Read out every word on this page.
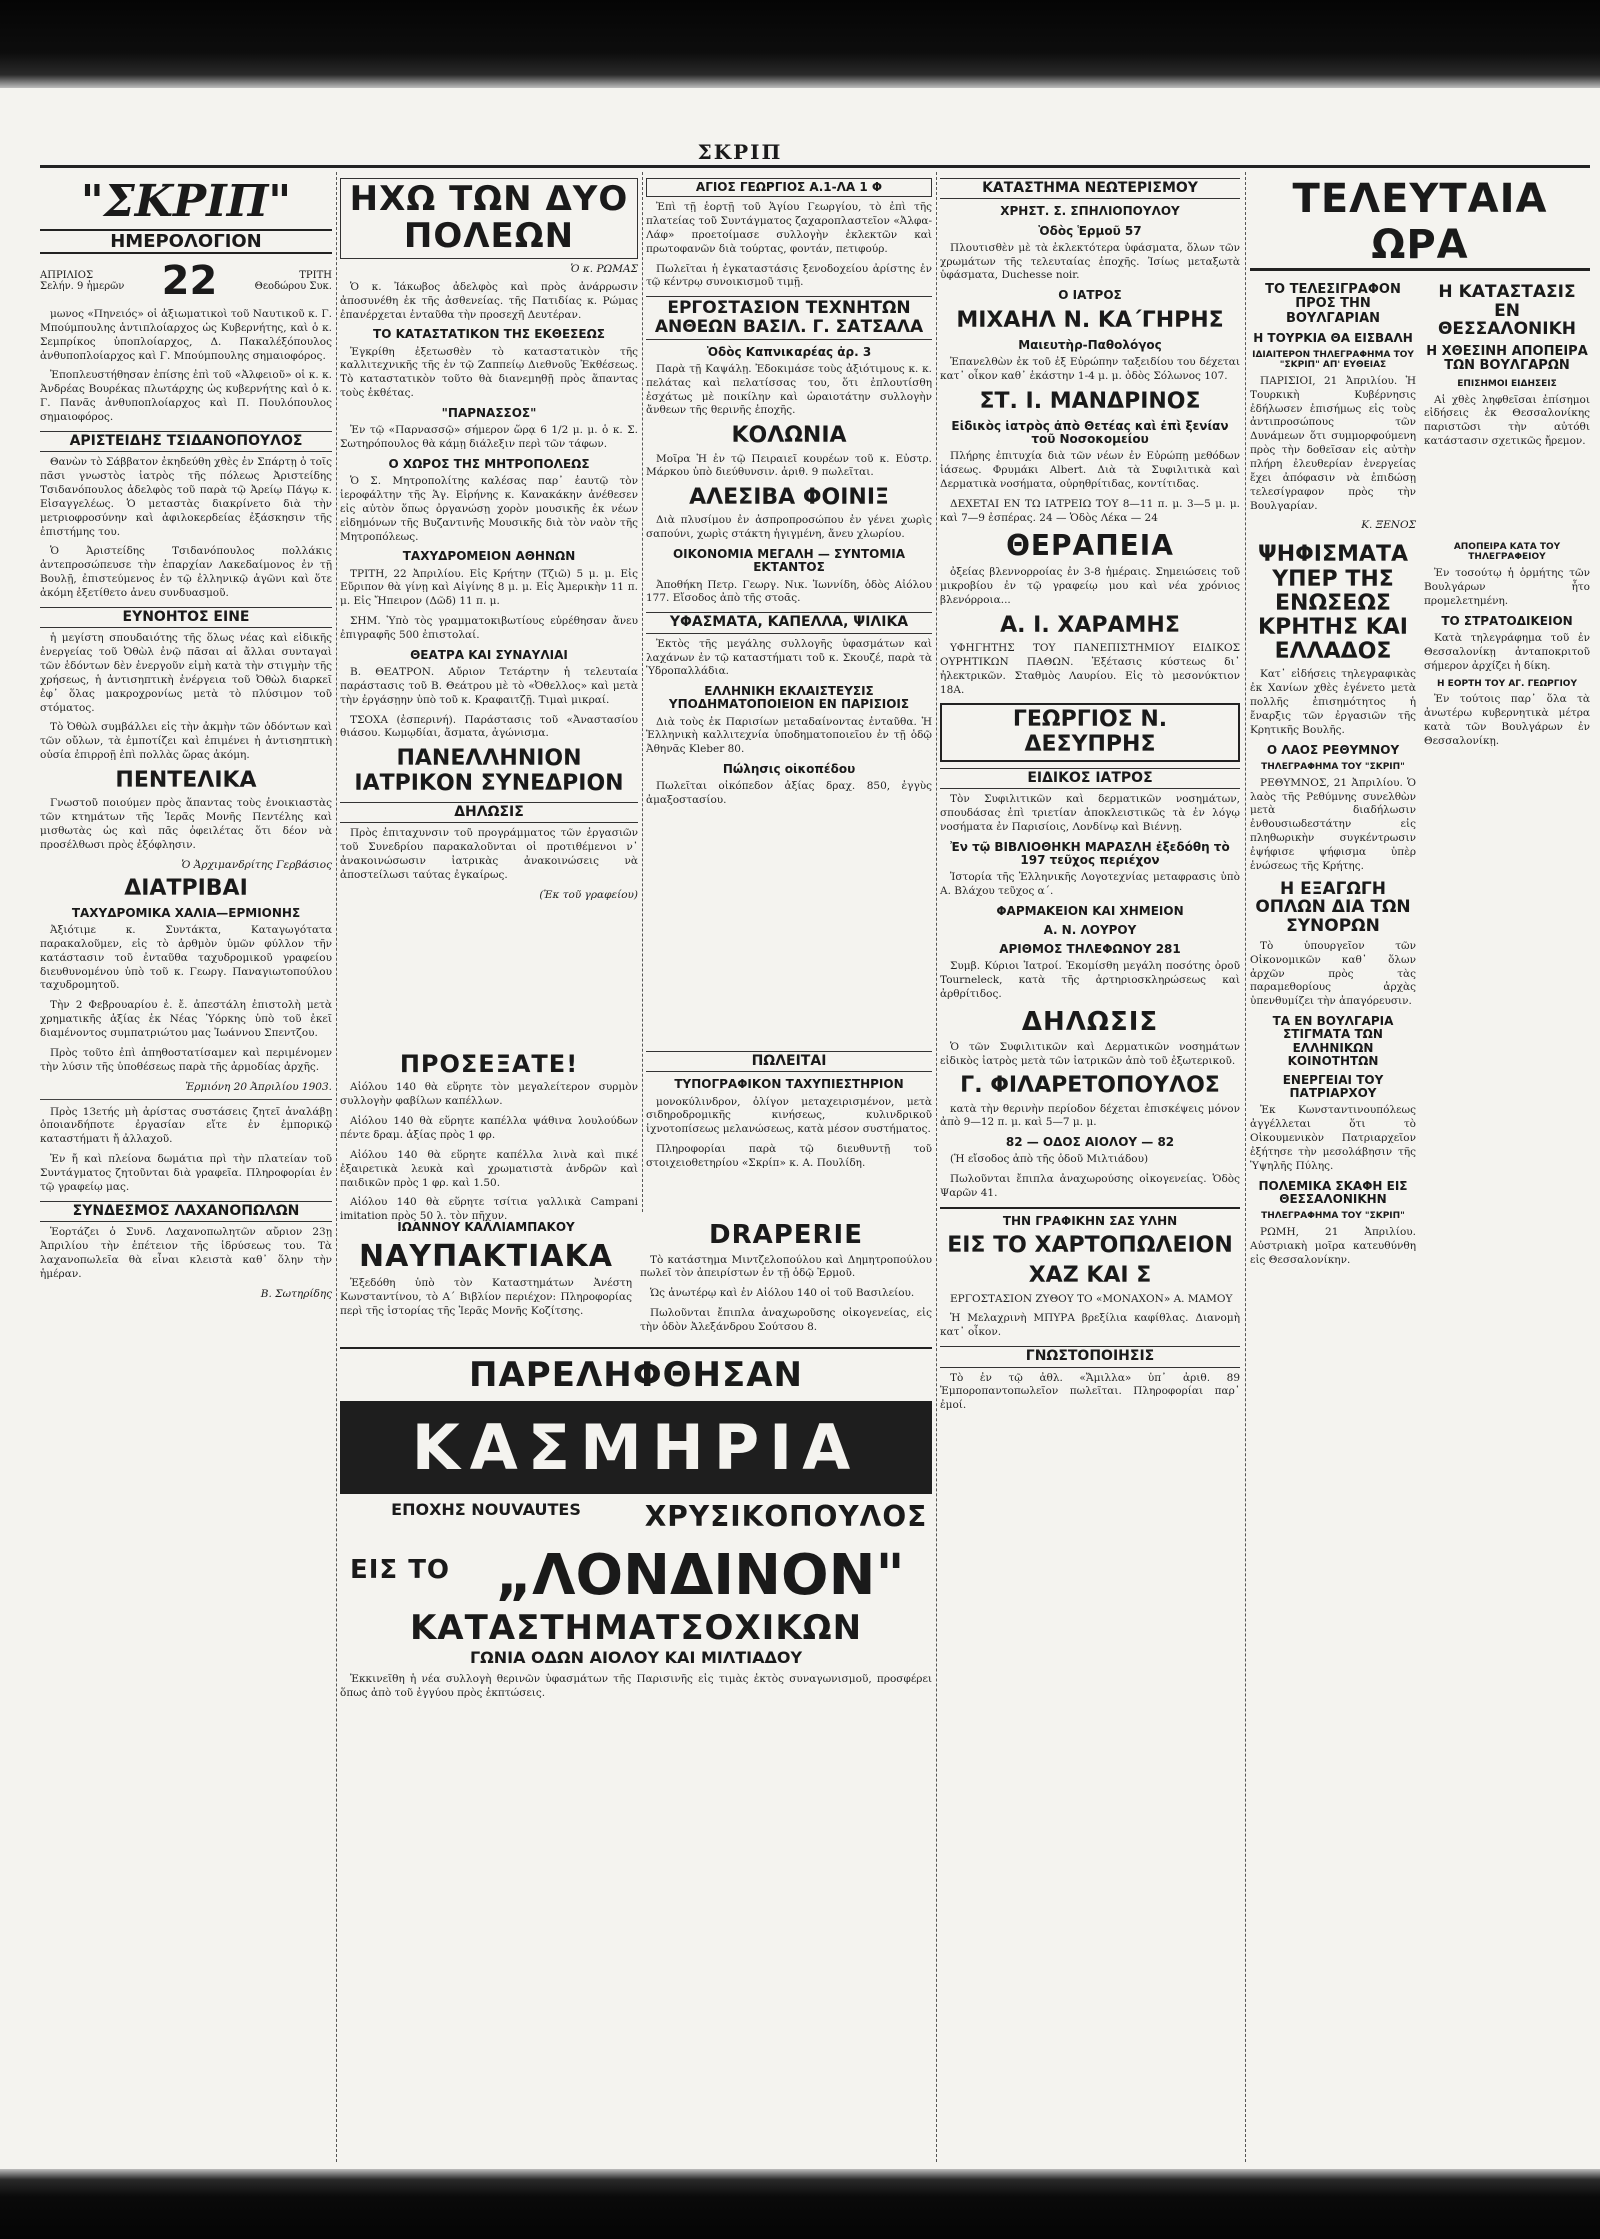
ΣΚΡΙΠ
"ΣΚΡΙΠ"
ΗΜΕΡΟΛΟΓΙΟΝ
ΑΠΡΙΛΙΟΣ
Σελήν. 9 ἡμερῶν 22	ΤΡΙΤΗ
Θεοδώρου Συκ.

μωνος «Πηνειός» οἱ ἀξιωματικοὶ τοῦ Ναυτικοῦ κ. Γ. Μπούμπουλης ἀντιπλοίαρχος ὡς Κυβερνήτης, καὶ ὁ κ. Σεμπρίκος ὑποπλοίαρχος, Δ. Πακαλέξόπουλος ἀνθυποπλοίαρχος καὶ Γ. Μπούμπουλης σημαιοφόρος.

Ἐποπλευστήθησαν ἐπίσης ἐπὶ τοῦ «Ἀλφειοῦ» οἱ κ. κ. Ἀνδρέας Βουρέκας πλωτάρχης ὡς κυβερνήτης καὶ ὁ κ. Γ. Πανᾶς ἀνθυποπλοίαρχος καὶ Π. Πουλόπουλος σημαιοφόρος.

ΑΡΙΣΤΕΙΔΗΣ ΤΣΙΔΑΝΟΠΟΥΛΟΣ

Θανὼν τὸ Σάββατον ἐκηδεύθη χθὲς ἐν Σπάρτῃ ὁ τοῖς πᾶσι γνωστὸς ἰατρὸς τῆς πόλεως Ἀριστείδης Τσιδανόπουλος ἀδελφὸς τοῦ παρὰ τῷ Ἀρείῳ Πάγῳ κ. Εἰσαγγελέως. Ὁ μεταστὰς διακρίνετο διὰ τὴν μετριοφροσύνην καὶ ἀφιλοκερδείας ἐξάσκησιν τῆς ἐπιστήμης του.

Ὁ Ἀριστείδης Τσιδανόπουλος πολλάκις ἀντεπροσώπευσε τὴν ἐπαρχίαν Λακεδαίμονος ἐν τῇ Βουλῇ, ἐπιστεύμενος ἐν τῷ ἐλληνικῷ ἀγῶνι καὶ ὅτε ἀκόμη ἐξετίθετο ἀνευ συνδυασμοῦ.

ΕΥΝΟΗΤΟΣ ΕΙΝΕ

ἡ μεγίστη σπουδαιότης τῆς ὅλως νέας καὶ εἰδικῆς ἐνεργείας τοῦ Ὀθὼλ ἐνῷ πᾶσαι αἱ ἄλλαι συνταγαὶ τῶν ἑδόντων δὲν ἐνεργοῦν εἰμὴ κατὰ τὴν στιγμὴν τῆς χρήσεως, ἡ ἀντισηπτικὴ ἐνέργεια τοῦ Ὀθὼλ διαρκεῖ ἐφ᾽ ὅλας μακροχρονίως μετὰ τὸ πλύσιμον τοῦ στόματος.

Τὸ Ὀθὼλ συμβάλλει εἰς τὴν ἀκμὴν τῶν ὀδόντων καὶ τῶν οὔλων, τὰ ἐμποτίζει καὶ ἐπιμένει ἡ ἀντισηπτικὴ οὐσία ἐπιρροῇ ἐπὶ πολλὰς ὥρας ἀκόμη.

ΠΕΝΤΕΛΙΚΑ

Γνωστοῦ ποιούμεν πρὸς ἅπαντας τοὺς ἐνοικιαστὰς τῶν κτημάτων τῆς Ἱερᾶς Μονῆς Πεντέλης καὶ μισθωτὰς ὡς καὶ πᾶς ὀφειλέτας ὅτι δέον νὰ προσέλθωσι πρὸς ἐξόφλησιν.

Ὁ Ἀρχιμανδρίτης Γερβάσιος
ΔΙΑΤΡΙΒΑΙ
ΤΑΧΥΔΡΟΜΙΚΑ ΧΑΛΙΑ—ΕΡΜΙΟΝΗΣ

Ἀξιότιμε κ. Συντάκτα, Καταγωγότατα παρακαλοῦμεν, εἰς τὸ ἀρθμὸν ὑμῶν φύλλον τῆν κατάστασιν τοῦ ἐνταῦθα ταχυδρομικοῦ γραφείου διευθυνομένου ὑπὸ τοῦ κ. Γεωργ. Παναγιωτοπούλου ταχυδρομητοῦ.

Τὴν 2 Φεβρουαρίου ἐ. ἔ. ἀπεστάλη ἐπιστολὴ μετὰ χρηματικῆς ἀξίας ἐκ Νέας Ὑόρκης ὑπὸ τοῦ ἐκεῖ διαμένοντος συμπατριώτου μας Ἰωάννου Σπεντζου.

Πρὸς τοῦτο ἐπὶ ἀπηθοστατίσαμεν καὶ περιμένομεν τὴν λύσιν τῆς ὑποθέσεως παρὰ τῆς ἀρμοδίας ἀρχῆς.

Ἑρμιόνη 20 Ἀπριλίου 1903.

Πρὸς 13ετής μὴ ἀρίστας συστάσεις ζητεῖ ἀναλάβῃ ὁποιανδήποτε ἐργασίαν εἴτε ἐν ἐμπορικῷ καταστήματι ἤ ἀλλαχοῦ.

Ἐν ἤ καὶ πλείονα δωμάτια πρὶ τὴν πλατείαν τοῦ Συντάγματος ζητοῦνται διὰ γραφεῖα. Πληροφορίαι ἐν τῷ γραφείῳ μας.

ΣΥΝΔΕΣΜΟΣ ΛΑΧΑΝΟΠΩΛΩΝ

Ἑορτάζει ὁ Συνδ. Λαχανοπωλητῶν αὔριον 23ῃ Ἀπριλίου τὴν ἑπέτειον τῆς ἱδρύσεως του. Τὰ λαχανοπωλεῖα θὰ εἶναι κλειστὰ καθ᾽ ὅλην τὴν ἡμέραν.

Β. Σωτηρίδης
ΗΧΩ ΤΩΝ ΔΥΟ ΠΟΛΕΩΝ
Ὁ κ. ΡΩΜΑΣ

Ὁ κ. Ἰάκωβος ἀδελφὸς καὶ πρὸς ἀνάρρωσιν ἀποσυνέθη ἐκ τῆς ἀσθενείας. τῆς Πατιδίας κ. Ρώμας ἐπανέρχεται ἐνταῦθα τὴν προσεχῆ Δευτέραν.

ΤΟ ΚΑΤΑΣΤΑΤΙΚΟΝ ΤΗΣ ΕΚΘΕΣΕΩΣ

Ἐγκρίθη ἐξετωσθὲν τὸ καταστατικὸν τῆς καλλιτεχνικῆς τῆς ἐν τῷ Ζαππείῳ Διεθνοῦς Ἐκθέσεως. Τὸ καταστατικὸν τοῦτο θὰ διανεμηθῇ πρὸς ἅπαντας τοὺς ἐκθέτας.

"ΠΑΡΝΑΣΣΟΣ"

Ἐν τῷ «Παρνασσῷ» σήμερον ὥρᾳ 6 1/2 μ. μ. ὁ κ. Σ. Σωτηρόπουλος θὰ κάμῃ διάλεξιν περὶ τῶν τάφων.

Ο ΧΩΡΟΣ ΤΗΣ ΜΗΤΡΟΠΟΛΕΩΣ

Ὁ Σ. Μητροπολίτης καλέσας παρ᾽ ἑαυτῷ τὸν ἱεροφάλτην τῆς Ἁγ. Εἰρήνης κ. Κανακάκην ἀνέθεσεν εἰς αὐτὸν ὅπως ὀργανώσῃ χορὸν μουσικῆς ἐκ νέων εἰδημόνων τῆς Βυζαντινῆς Μουσικῆς διὰ τὸν ναὸν τῆς Μητροπόλεως.

ΤΑΧΥΔΡΟΜΕΙΟΝ ΑΘΗΝΩΝ

ΤΡΙΤΗ, 22 Ἀπριλίου. Εἰς Κρήτην (Τζιῶ) 5 μ. μ. Εἰς Εὔριπον θὰ γίνῃ καὶ Αἰγίνης 8 μ. μ. Εἰς Ἀμερικὴν 11 π. μ. Εἰς Ἤπειρον (Δῶδ) 11 π. μ.

ΣΗΜ. Ὑπὸ τὸς γραμματοκιβωτίους εὑρέθησαν ἄνευ ἐπιγραφῆς 500 ἐπιστολαί.

ΘΕΑΤΡΑ ΚΑΙ ΣΥΝΑΥΛΙΑΙ

Β. ΘΕΑΤΡΟΝ. Αὔριον Τετάρτην ἡ τελευταία παράστασις τοῦ Β. Θεάτρου μὲ τὸ «Ὀθελλος» καὶ μετὰ τὴν ἐργάσῃην ὑπὸ τοῦ κ. Κραφαιτζῇ. Τιμαὶ μικραί.

ΤΣΟΧΑ (ἐσπερινή). Παράστασις τοῦ «Ἀναστασίου θιάσου. Κωμῳδίαι, ἄσματα, ἀγώνισμα.

ΠΑΝΕΛΛΗΝΙΟΝ ΙΑΤΡΙΚΟΝ ΣΥΝΕΔΡΙΟΝ
ΔΗΛΩΣΙΣ

Πρὸς ἐπιταχυνσιν τοῦ προγράμματος τῶν ἐργασιῶν τοῦ Συνεδρίου παρακαλοῦνται οἱ προτιθέμενοι ν᾽ ἀνακοινώσωσιν ἰατρικὰς ἀνακοινώσεις νὰ ἀποστείλωσι ταύτας ἐγκαίρως.

(Ἐκ τοῦ γραφείου)
ΠΡΟΣΕΞΑΤΕ!

Αἰόλου 140 θὰ εὕρητε τὸν μεγαλείτερον συρμὸν συλλογὴν φαβίλων καπέλλων.

Αἰόλου 140 θὰ εὕρητε καπέλλα ψάθινα λουλούδων πέντε δραμ. ἀξίας πρὸς 1 φρ.

Αἰόλου 140 θὰ εὕρητε καπέλλα λινὰ καὶ πικέ ἐξαιρετικὰ λευκὰ καὶ χρωματιστὰ ἀνδρῶν καὶ παιδικῶν πρὸς 1 φρ. καὶ 1.50.

Αἰόλου 140 θὰ εὕρητε τσίτια γαλλικὰ Campani imitation πρὸς 50 λ. τὸν πῆχυν.

ΑΓΙΟΣ ΓΕΩΡΓΙΟΣ Α.1-ΛΑ 1 Φ

Ἐπὶ τῇ ἑορτῇ τοῦ Ἁγίου Γεωργίου, τὸ ἐπὶ τῆς πλατείας τοῦ Συντάγματος ζαχαροπλαστεῖον «Ἀλφα-Λάφ» προετοίμασε συλλογὴν ἐκλεκτῶν καὶ πρωτοφανῶν διὰ τούρτας, φοντάν, πετιφούρ.

Πωλεῖται ἡ ἐγκαταστάσις ξενοδοχείου ἀρίστης ἐν τῷ κέντρῳ συνοικισμοῦ τιμῇ.

ΕΡΓΟΣΤΑΣΙΟΝ ΤΕΧΝΗΤΩΝ ΑΝΘΕΩΝ ΒΑΣΙΛ. Γ. ΣΑΤΣΑΛΑ
Ὁδὸς Καπνικαρέας ἀρ. 3

Παρὰ τῇ Καψάλῃ. Ἐδοκιμάσε τοὺς ἀξιότιμους κ. κ. πελάτας καὶ πελατίσσας του, ὅτι ἐπλουτίσθη ἐσχάτως μὲ ποικίλην καὶ ὡραιοτάτην συλλογὴν ἄνθεων τῆς θερινῆς ἐποχῆς.

ΚΟΛΩΝΙΑ

Μοῖρα Ἡ ἐν τῷ Πειραιεῖ κουρέων τοῦ κ. Εὐστρ. Μάρκου ὑπὸ διεύθυνσιν. ἀριθ. 9 πωλεῖται.

ΑΛΕΣΙΒΑ ΦΟΙΝΙΞ

Διὰ πλυσίμου ἐν ἀσπροπροσώπου ἐν γένει χωρὶς σαπούνι, χωρὶς στάκτη ἡγιγμένη, ἄνευ χλωρίου.

ΟΙΚΟΝΟΜΙΑ ΜΕΓΑΛΗ — ΣΥΝΤΟΜΙΑ ΕΚΤΑΝΤΟΣ

Ἀποθήκη Πετρ. Γεωργ. Νικ. Ἰωννίδη, ὁδὸς Αἰόλου 177. Εἴσοδος ἀπὸ τῆς στοᾶς.

ΥΦΑΣΜΑΤΑ, ΚΑΠΕΛΛΑ, ΨΙΛΙΚΑ

Ἐκτὸς τῆς μεγάλης συλλογῆς ὑφασμάτων καὶ λαχάνων ἐν τῷ καταστήματι τοῦ κ. Σκουζέ, παρὰ τὰ Ὑδροπαλλάδια.

ΕΛΛΗΝΙΚΗ ΕΚΛΑΙΣΤΕΥΣΙΣ ΥΠΟΔΗΜΑΤΟΠΟΙΕΙΟΝ ΕΝ ΠΑΡΙΣΙΟΙΣ

Διὰ τοὺς ἐκ Παρισίων μεταδαίνοντας ἐνταῦθα. Ἡ Ἑλληνικὴ καλλιτεχνία ὑποδηματοποιεῖου ἐν τῇ ὁδῷ Ἀθηνᾶς Kleber 80.

Πώλησις οἰκοπέδου

Πωλεῖται οἰκόπεδον ἀξίας δραχ. 850, ἐγγὺς ἀμαξοστασίου.

ΠΩΛΕΙΤΑΙ
ΤΥΠΟΓΡΑΦΙΚΟΝ ΤΑΧΥΠΙΕΣΤΗΡΙΟΝ

μονοκύλινδρον, ὀλίγον μεταχειρισμένον, μετὰ σιδηροδρομικῆς κινήσεως, κυλινδρικοῦ ἱχνοτοπίσεως μελανώσεως, κατὰ μέσον συστήματος.

Πληροφορίαι παρὰ τῷ διευθυντῇ τοῦ στοιχειοθετηρίου «Σκρίπ» κ. Α. Πουλίδη.

ΙΩΑΝΝΟΥ ΚΑΛΛΙΑΜΠΑΚΟΥ
ΝΑΥΠΑΚΤΙΑΚΑ

Ἐξεδόθη ὑπὸ τὸν Καταστημάτων Ἀνέστη Κωνσταντίνου, τὸ Α΄ Βιβλίον περιέχον: Πληροφορίας περὶ τῆς ἱστορίας τῆς Ἱερᾶς Μονῆς Κοζίτσης.

DRAPERIE

Τὸ κατάστημα Μιντζελοπούλου καὶ Δημητροπούλου πωλεῖ τὸν ἀπειρίστων ἐν τῇ ὁδῷ Ἑρμοῦ.

Ὡς ἀνωτέρῳ καὶ ἐν Αἰόλου 140 οἱ τοῦ Βασιλείου.

Πωλοῦνται ἔπιπλα ἀναχωροῦσης οἰκογενείας, εἰς τὴν ὁδὸν Ἀλεξάνδρου Σούτσου 8.

ΠΑΡΕΛΗΦΘΗΣΑΝ
ΚΑΣΜΗΡΙΑ
ΕΠΟΧΗΣ NOUVAUTES	ΧΡΥΣΙΚΟΠΟΥΛΟΣ
ΕΙΣ ΤΟ „ΛΟΝΔΙΝΟΝ"
ΚΑΤΑΣΤΗΜΑΤΣΟΧΙΚΩΝ
ΓΩΝΙΑ ΟΔΩΝ ΑΙΟΛΟΥ ΚΑΙ ΜΙΛΤΙΑΔΟΥ

Ἐκκινεῖθη ἡ νέα συλλογὴ θερινῶν ὑφασμάτων τῆς Παρισινῆς εἰς τιμὰς ἐκτὸς συναγωνισμοῦ, προσφέρει ὅπως ἀπὸ τοῦ ἐγγύου πρὸς ἐκπτώσεις.

ΚΑΤΑΣΤΗΜΑ ΝΕΩΤΕΡΙΣΜΟΥ
ΧΡΗΣΤ. Σ. ΣΠΗΛΙΟΠΟΥΛΟΥ
Ὁδὸς Ἑρμοῦ 57

Πλουτισθὲν μὲ τὰ ἐκλεκτότερα ὑφάσματα, ὅλων τῶν χρωμάτων τῆς τελευταίας ἐποχῆς. Ἰσίως μεταξωτὰ ὑφάσματα, Duchesse noir.

Ο ΙΑΤΡΟΣ
ΜΙΧΑΗΛ Ν. ΚΑ΄ΓΗΡΗΣ
Μαιευτὴρ-Παθολόγος

Ἐπανελθὼν ἐκ τοῦ ἐξ Εὐρώπην ταξειδίου του δέχεται κατ᾽ οἶκον καθ᾽ ἑκάστην 1-4 μ. μ. ὁδὸς Σόλωνος 107.

ΣΤ. Ι. ΜΑΝΔΡΙΝΟΣ
Εἰδικὸς ἰατρὸς ἀπὸ Θετέας καὶ ἐπὶ ξενίαν τοῦ Νοσοκομείου

Πλήρης ἐπιτυχία διὰ τῶν νέων ἐν Εὐρώπῃ μεθόδων ἰάσεως. Φρυμάκι Albert. Διὰ τὰ Συφιλιτικὰ καὶ Δερματικὰ νοσήματα, οὐρηθρίτιδας, κοντίτιδας.

ΔΕΧΕΤΑΙ ΕΝ ΤΩ ΙΑΤΡΕΙΩ ΤΟΥ 8—11 π. μ. 3—5 μ. μ. καὶ 7—9 ἐσπέρας. 24 — Ὁδὸς Λέκα — 24

ΘΕΡΑΠΕΙΑ

ὀξείας βλεννορροίας ἐν 3-8 ἡμέραις. Σημειώσεις τοῦ μικροβίου ἐν τῷ γραφείῳ μου καὶ νέα χρόνιος βλενόρροια...

Α. Ι. ΧΑΡΑΜΗΣ

ΥΦΗΓΗΤΗΣ ΤΟΥ ΠΑΝΕΠΙΣΤΗΜΙΟΥ ΕΙΔΙΚΟΣ ΟΥΡΗΤΙΚΩΝ ΠΑΘΩΝ. Ἐξέτασις κύστεως δι᾽ ἠλεκτρικῶν. Σταθμὸς Λαυρίου. Εἰς τὸ μεσονύκτιον 18Α.

ΓΕΩΡΓΙΟΣ Ν. ΔΕΣΥΠΡΗΣ
ΕΙΔΙΚΟΣ ΙΑΤΡΟΣ

Τὸν Συφιλιτικῶν καὶ δερματικῶν νοσημάτων, σπουδάσας ἐπὶ τριετίαν ἀποκλειστικῶς τὰ ἐν λόγῳ νοσήματα ἐν Παρισίοις, Λονδίνῳ καὶ Βιέννῃ.

Ἐν τῷ ΒΙΒΛΙΟΘΗΚΗ ΜΑΡΑΣΛΗ ἐξεδόθη τὸ 197 τεῦχος περιέχον

Ἱστορία τῆς Ἑλληνικῆς Λογοτεχνίας μεταφρασις ὑπὸ Α. Βλάχου τεῦχος α΄.

ΦΑΡΜΑΚΕΙΟΝ ΚΑΙ ΧΗΜΕΙΟΝ
Α. Ν. ΛΟΥΡΟΥ
ΑΡΙΘΜΟΣ ΤΗΛΕΦΩΝΟΥ 281

Συμβ. Κύριοι Ἰατροί. Ἐκομίσθη μεγάλη ποσότης ὀροῦ Tourneleck, κατὰ τῆς ἀρτηριοσκληρώσεως καὶ ἀρθρίτιδος.

ΔΗΛΩΣΙΣ

Ὁ τῶν Συφιλιτικῶν καὶ Δερματικῶν νοσημάτων εἰδικὸς ἰατρὸς μετὰ τῶν ἰατρικῶν ἀπὸ τοῦ ἐξωτερικοῦ.

Γ. ΦΙΛΑΡΕΤΟΠΟΥΛΟΣ

κατὰ τὴν θερινὴν περίοδον δέχεται ἐπισκέψεις μόνον ἀπὸ 9—12 π. μ. καὶ 5—7 μ. μ.

82 — ΟΔΟΣ ΑΙΟΛΟΥ — 82

(Ἡ εἴσοδος ἀπὸ τῆς ὁδοῦ Μιλτιάδου)

Πωλοῦνται ἔπιπλα ἀναχωρούσης οἰκογενείας. Ὁδὸς Ψαρῶν 41.

ΤΗΝ ΓΡΑΦΙΚΗΝ ΣΑΣ ΥΛΗΝ
ΕΙΣ ΤΟ ΧΑΡΤΟΠΩΛΕΙΟΝ
ΧΑΖ ΚΑΙ Σ

ΕΡΓΟΣΤΑΣΙΟΝ ΖΥΘΟΥ ΤΟ «ΜΟΝΑΧΟΝ» Α. ΜΑΜΟΥ

Ἡ Μελαχρινὴ ΜΠΥΡΑ βρεξίλια καφίθλας. Διανομὴ κατ᾽ οἶκον.

ΓΝΩΣΤΟΠΟΙΗΣΙΣ

Τὸ ἐν τῷ ἀθλ. «Ἄμιλλα» ὑπ᾽ ἀριθ. 89 Ἑμποροπαντοπωλεῖον πωλεῖται. Πληροφορίαι παρ᾽ ἐμοί.

ΤΕΛΕΥΤΑΙΑ ΩΡΑ
ΤΟ ΤΕΛΕΣΙΓΡΑΦΟΝ ΠΡΟΣ ΤΗΝ ΒΟΥΛΓΑΡΙΑΝ
Η ΤΟΥΡΚΙΑ ΘΑ ΕΙΣΒΑΛΗ
ΙΔΙΑΙΤΕΡΟΝ ΤΗΛΕΓΡΑΦΗΜΑ ΤΟΥ "ΣΚΡΙΠ" ΑΠ' ΕΥΘΕΙΑΣ

ΠΑΡΙΣΙΟΙ, 21 Ἀπριλίου. Ἡ Τουρκικὴ Κυβέρνησις ἐδήλωσεν ἐπισήμως εἰς τοὺς ἀντιπροσώπους τῶν Δυνάμεων ὅτι συμμορφούμενη πρὸς τὴν δοθεῖσαν εἰς αὐτὴν πλήρη ἐλευθερίαν ἐνεργείας ἔχει ἀπόφασιν νὰ ἐπιδώσῃ τελεσίγραφον πρὸς τὴν Βουλγαρίαν.

Κ. ΞΕΝΟΣ
Η ΚΑΤΑΣΤΑΣΙΣ ΕΝ ΘΕΣΣΑΛΟΝΙΚΗ
Η ΧΘΕΣΙΝΗ ΑΠΟΠΕΙΡΑ ΤΩΝ ΒΟΥΛΓΑΡΩΝ
ΕΠΙΣΗΜΟΙ ΕΙΔΗΣΕΙΣ

Αἱ χθὲς ληφθεῖσαι ἐπίσημοι εἰδήσεις ἐκ Θεσσαλονίκης παριστῶσι τὴν αὐτόθι κατάστασιν σχετικῶς ἤρεμον.

ΨΗΦΙΣΜΑΤΑ ΥΠΕΡ ΤΗΣ ΕΝΩΣΕΩΣ ΚΡΗΤΗΣ ΚΑΙ ΕΛΛΑΔΟΣ

Κατ᾽ εἰδήσεις τηλεγραφικὰς ἐκ Χανίων χθὲς ἐγένετο μετὰ πολλῆς ἐπισημότητος ἡ ἔναρξις τῶν ἐργασιῶν τῆς Κρητικῆς Βουλῆς.

Ο ΛΑΟΣ ΡΕΘΥΜΝΟΥ
ΤΗΛΕΓΡΑΦΗΜΑ ΤΟΥ "ΣΚΡΙΠ"

ΡΕΘΥΜΝΟΣ, 21 Ἀπριλίου. Ὁ λαὸς τῆς Ρεθύμνης συνελθὼν μετὰ διαδήλωσιν ἐνθουσιωδεστάτην εἰς πληθωρικὴν συγκέντρωσιν ἐψήφισε ψήφισμα ὑπὲρ ἑνώσεως τῆς Κρήτης.

Η ΕΞΑΓΩΓΗ ΟΠΛΩΝ ΔΙΑ ΤΩΝ ΣΥΝΟΡΩΝ

Τὸ ὑπουργεῖον τῶν Οἰκονομικῶν καθ᾽ ὅλων ἀρχῶν πρὸς τὰς παραμεθορίους ἀρχὰς ὑπενθυμίζει τὴν ἀπαγόρευσιν.

ΤΑ ΕΝ ΒΟΥΛΓΑΡΙΑ ΣΤΙΓΜΑΤΑ ΤΩΝ ΕΛΛΗΝΙΚΩΝ ΚΟΙΝΟΤΗΤΩΝ
ΕΝΕΡΓΕΙΑΙ ΤΟΥ ΠΑΤΡΙΑΡΧΟΥ

Ἐκ Κωνσταντινουπόλεως ἀγγέλλεται ὅτι τὸ Οἰκουμενικὸν Πατριαρχεῖον ἐξήτησε τὴν μεσολάβησιν τῆς Ὑψηλῆς Πύλης.

ΠΟΛΕΜΙΚΑ ΣΚΑΦΗ ΕΙΣ ΘΕΣΣΑΛΟΝΙΚΗΝ
ΤΗΛΕΓΡΑΦΗΜΑ ΤΟΥ "ΣΚΡΙΠ"

ΡΩΜΗ, 21 Ἀπριλίου. Αὐστριακὴ μοῖρα κατευθύνθη εἰς Θεσσαλονίκην.

ΑΠΟΠΕΙΡΑ ΚΑΤΑ ΤΟΥ ΤΗΛΕΓΡΑΦΕΙΟΥ

Ἐν τοσούτῳ ἡ ὁρμήτης τῶν Βουλγάρων ἦτο προμελετημένη.

ΤΟ ΣΤΡΑΤΟΔΙΚΕΙΟΝ

Κατὰ τηλεγράφημα τοῦ ἐν Θεσσαλονίκῃ ἀνταποκριτοῦ σήμερον ἀρχίζει ἡ δίκη.

Η ΕΟΡΤΗ ΤΟΥ ΑΓ. ΓΕΩΡΓΙΟΥ

Ἐν τούτοις παρ᾽ ὅλα τὰ ἀνωτέρω κυβερνητικὰ μέτρα κατὰ τῶν Βουλγάρων ἐν Θεσσαλονίκῃ.
